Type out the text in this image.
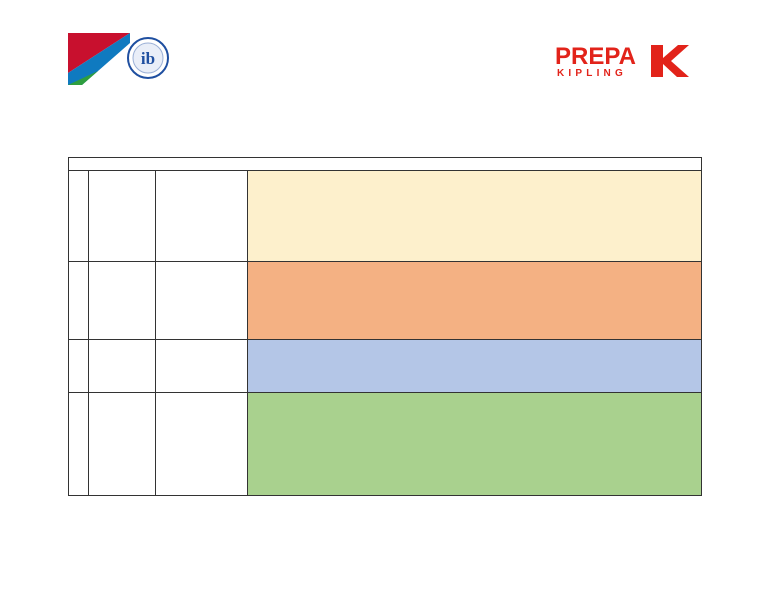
ib	PREPA
KIPLING
